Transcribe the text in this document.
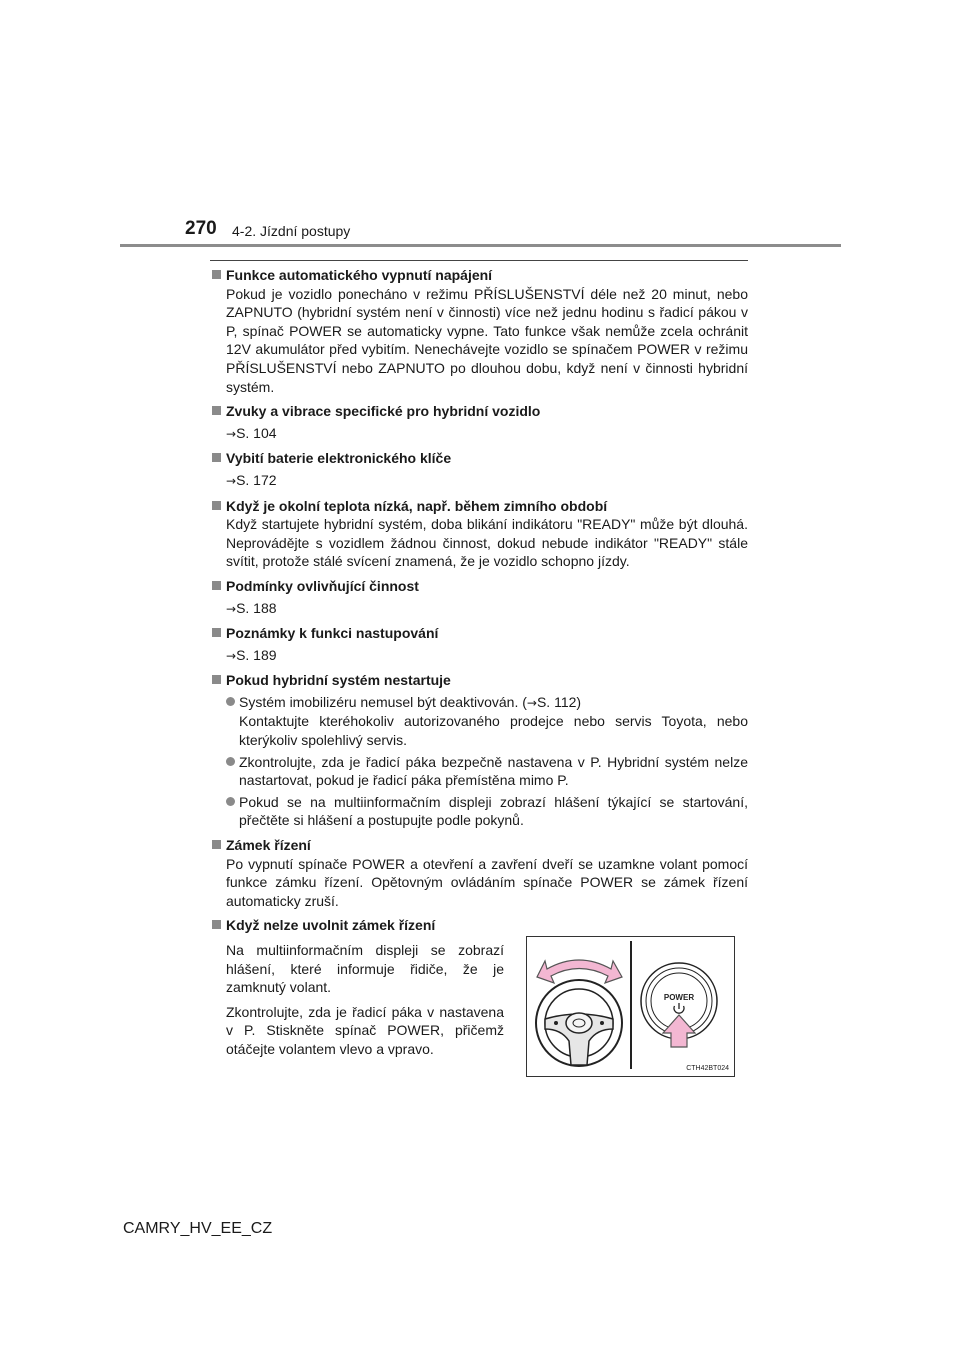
270 4-2. Jízdní postupy
Funkce automatického vypnutí napájení
Pokud je vozidlo ponecháno v režimu PŘÍSLUŠENSTVÍ déle než 20 minut, nebo ZAPNUTO (hybridní systém není v činnosti) více než jednu hodinu s řadicí pákou v P, spínač POWER se automaticky vypne. Tato funkce však nemůže zcela ochránit 12V akumulátor před vybitím. Nenechávejte vozidlo se spínačem POWER v režimu PŘÍSLUŠENSTVÍ nebo ZAPNUTO po dlouhou dobu, když není v činnosti hybridní systém.
Zvuky a vibrace specifické pro hybridní vozidlo
→S. 104
Vybití baterie elektronického klíče
→S. 172
Když je okolní teplota nízká, např. během zimního období
Když startujete hybridní systém, doba blikání indikátoru "READY" může být dlouhá. Neprovádějte s vozidlem žádnou činnost, dokud nebude indikátor "READY" stále svítit, protože stálé svícení znamená, že je vozidlo schopno jízdy.
Podmínky ovlivňující činnost
→S. 188
Poznámky k funkci nastupování
→S. 189
Pokud hybridní systém nestartuje
Systém imobilizéru nemusel být deaktivován. (→S. 112)
Kontaktujte kteréhokoliv autorizovaného prodejce nebo servis Toyota, nebo kterýkoliv spolehlivý servis.
Zkontrolujte, zda je řadicí páka bezpečně nastavena v P. Hybridní systém nelze nastartovat, pokud je řadicí páka přemístěna mimo P.
Pokud se na multiinformačním displeji zobrazí hlášení týkající se startování, přečtěte si hlášení a postupujte podle pokynů.
Zámek řízení
Po vypnutí spínače POWER a otevření a zavření dveří se uzamkne volant pomocí funkce zámku řízení. Opětovným ovládáním spínače POWER se zámek řízení automaticky zruší.
Když nelze uvolnit zámek řízení

Na multiinformačním displeji se zobrazí hlášení, které informuje řidiče, že je zamknutý volant.

Zkontrolujte, zda je řadicí páka v nastavena v P. Stiskněte spínač POWER, přičemž otáčejte volantem vlevo a vpravo.

POWER
CTH42BT024
CAMRY_HV_EE_CZ
